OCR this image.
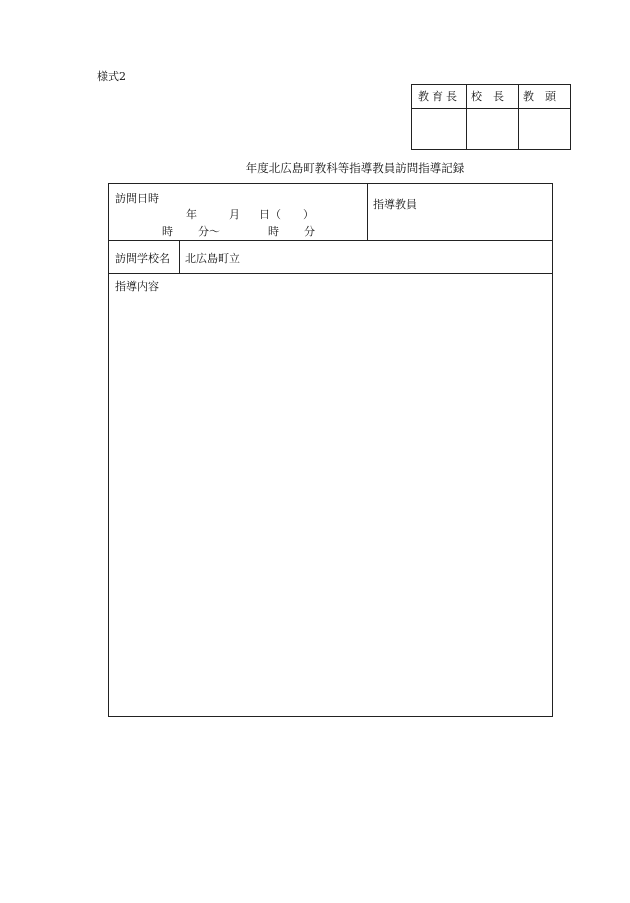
様式2
教育長	校　長 教　頭
年度北広島町教科等指導教員訪問指導記録
訪問日時
年	月 日（　　）
時 分～	時 分
指導教員
訪問学校名 北広島町立
指導内容
